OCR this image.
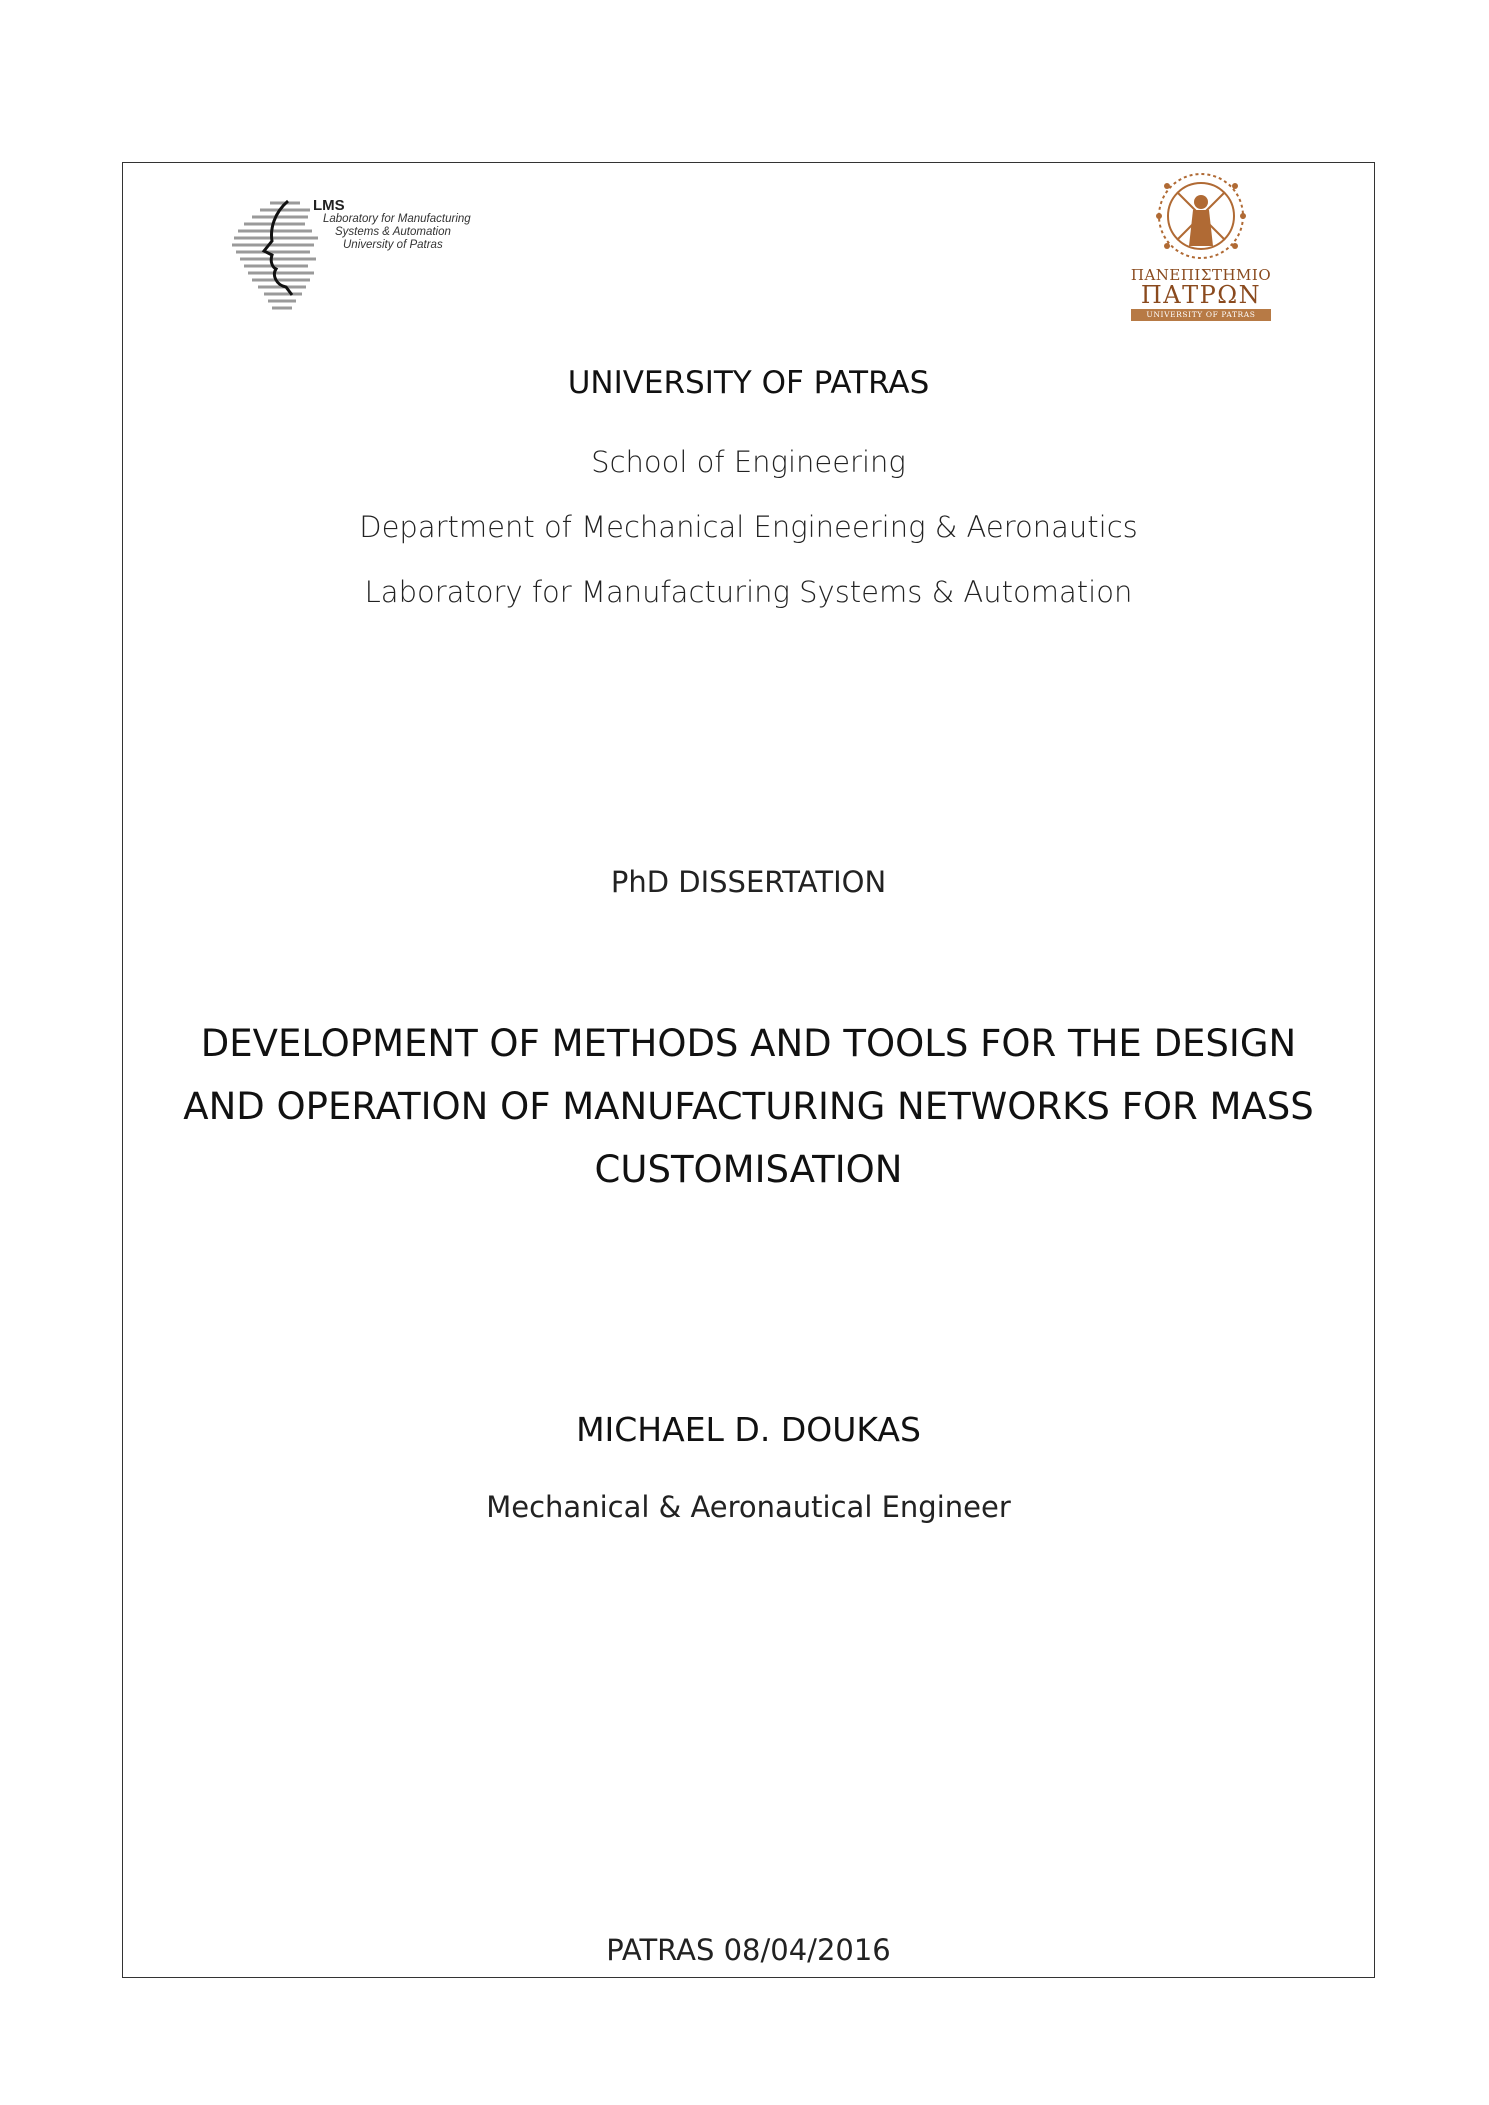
LMS
Laboratory for Manufacturing
Systems & Automation
University of Patras
ΠΑΝΕΠΙΣΤΗΜΙΟ
ΠΑΤΡΩΝ
UNIVERSITY OF PATRAS
UNIVERSITY OF PATRAS
School of Engineering
Department of Mechanical Engineering & Aeronautics
Laboratory for Manufacturing Systems & Automation
PhD DISSERTATION
DEVELOPMENT OF METHODS AND TOOLS FOR THE DESIGN AND OPERATION OF MANUFACTURING NETWORKS FOR MASS CUSTOMISATION
MICHAEL D. DOUKAS
Mechanical & Aeronautical Engineer
PATRAS 08/04/2016
